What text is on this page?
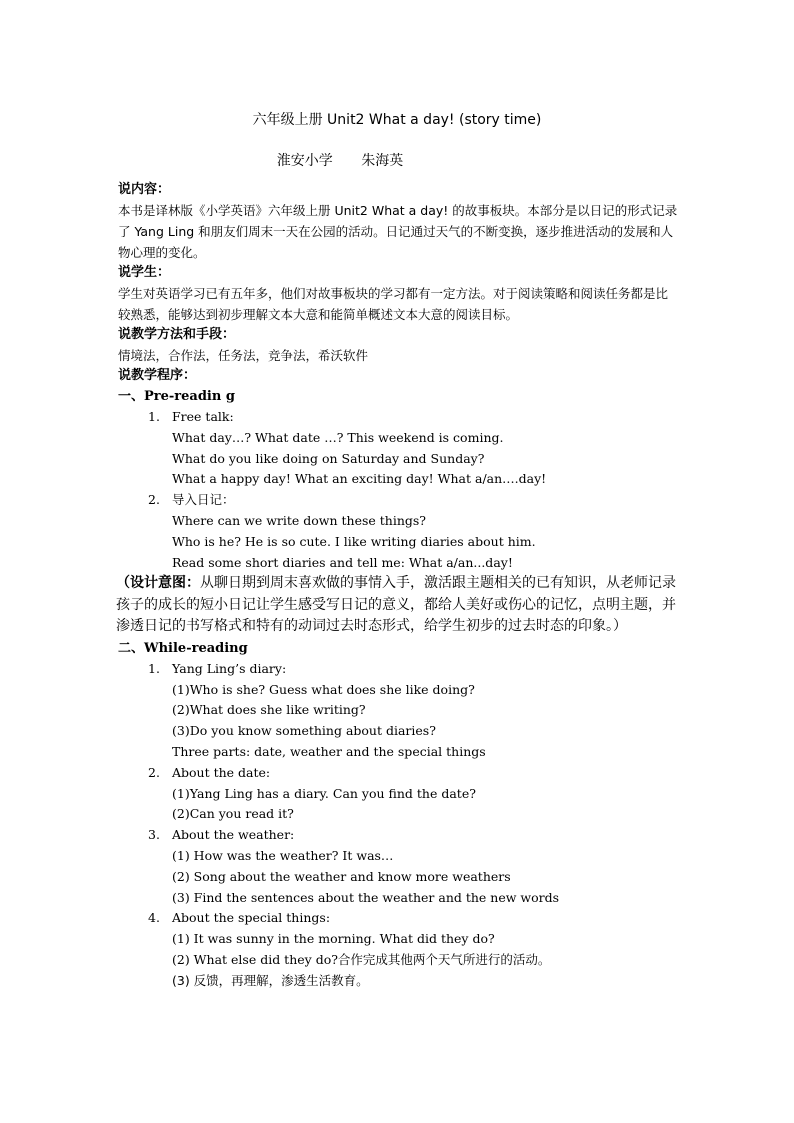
六年级上册 Unit2 What a day! (story time)
淮安小学 朱海英
说内容：
本书是译林版《小学英语》六年级上册 Unit2 What a day! 的故事板块。本部分是以日记的形式记录了 Yang Ling 和朋友们周末一天在公园的活动。日记通过天气的不断变换，逐步推进活动的发展和人物心理的变化。
说学生：
学生对英语学习已有五年多，他们对故事板块的学习都有一定方法。对于阅读策略和阅读任务都是比较熟悉，能够达到初步理解文本大意和能简单概述文本大意的阅读目标。
说教学方法和手段：
情境法，合作法，任务法，竞争法，希沃软件
说教学程序：
一、Pre-readin g
1. Free talk:
What day…? What date …? This weekend is coming.
What do you like doing on Saturday and Sunday?
What a happy day! What an exciting day! What a/an….day!
2. 导入日记：
Where can we write down these things?
Who is he? He is so cute. I like writing diaries about him.
Read some short diaries and tell me: What a/an...day!
（设计意图：从聊日期到周末喜欢做的事情入手，激活跟主题相关的已有知识，从老师记录孩子的成长的短小日记让学生感受写日记的意义，都给人美好或伤心的记忆，点明主题，并渗透日记的书写格式和特有的动词过去时态形式，给学生初步的过去时态的印象。）
二、While-reading
1. Yang Ling’s diary:
(1)Who is she? Guess what does she like doing?
(2)What does she like writing?
(3)Do you know something about diaries?
Three parts: date, weather and the special things
2. About the date:
(1)Yang Ling has a diary. Can you find the date?
(2)Can you read it?
3. About the weather:
(1) How was the weather? It was…
(2) Song about the weather and know more weathers
(3) Find the sentences about the weather and the new words
4. About the special things:
(1) It was sunny in the morning. What did they do?
(2) What else did they do?合作完成其他两个天气所进行的活动。
(3) 反馈，再理解，渗透生活教育。
